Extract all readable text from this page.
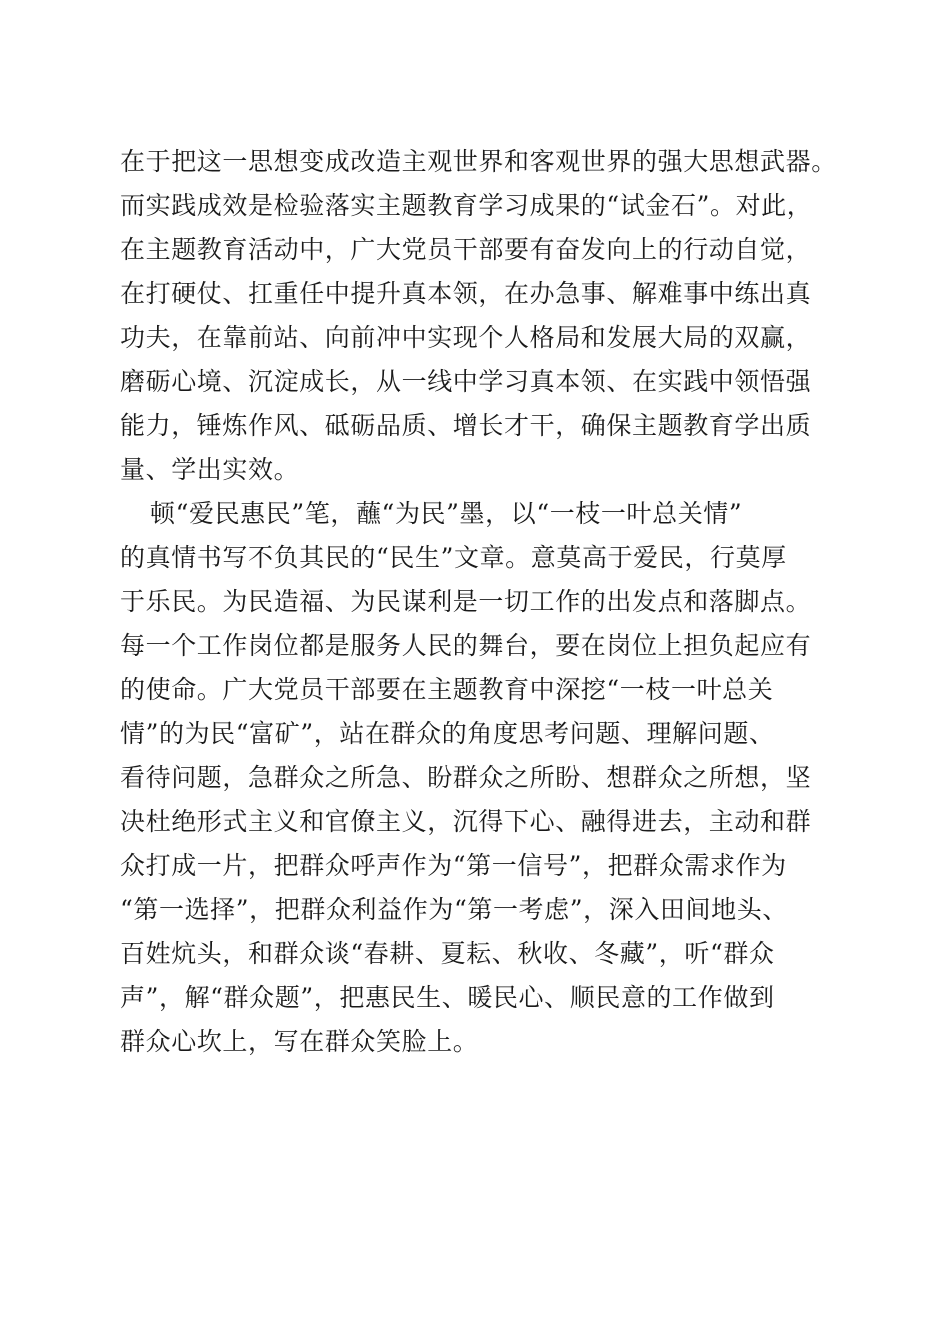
在于把这一思想变成改造主观世界和客观世界的强大思想武器。
而实践成效是检验落实主题教育学习成果的“试金石”。对此，
在主题教育活动中，广大党员干部要有奋发向上的行动自觉，
在打硬仗、扛重任中提升真本领，在办急事、解难事中练出真
功夫，在靠前站、向前冲中实现个人格局和发展大局的双赢，
磨砺心境、沉淀成长，从一线中学习真本领、在实践中领悟强
能力，锤炼作风、砥砺品质、增长才干，确保主题教育学出质
量、学出实效。
顿“爱民惠民”笔，蘸“为民”墨，以“一枝一叶总关情”
的真情书写不负其民的“民生”文章。意莫高于爱民，行莫厚
于乐民。为民造福、为民谋利是一切工作的出发点和落脚点。
每一个工作岗位都是服务人民的舞台，要在岗位上担负起应有
的使命。广大党员干部要在主题教育中深挖“一枝一叶总关
情”的为民“富矿”，站在群众的角度思考问题、理解问题、
看待问题，急群众之所急、盼群众之所盼、想群众之所想，坚
决杜绝形式主义和官僚主义，沉得下心、融得进去，主动和群
众打成一片，把群众呼声作为“第一信号”，把群众需求作为
“第一选择”，把群众利益作为“第一考虑”，深入田间地头、
百姓炕头，和群众谈“春耕、夏耘、秋收、冬藏”，听“群众
声”，解“群众题”，把惠民生、暖民心、顺民意的工作做到
群众心坎上，写在群众笑脸上。
